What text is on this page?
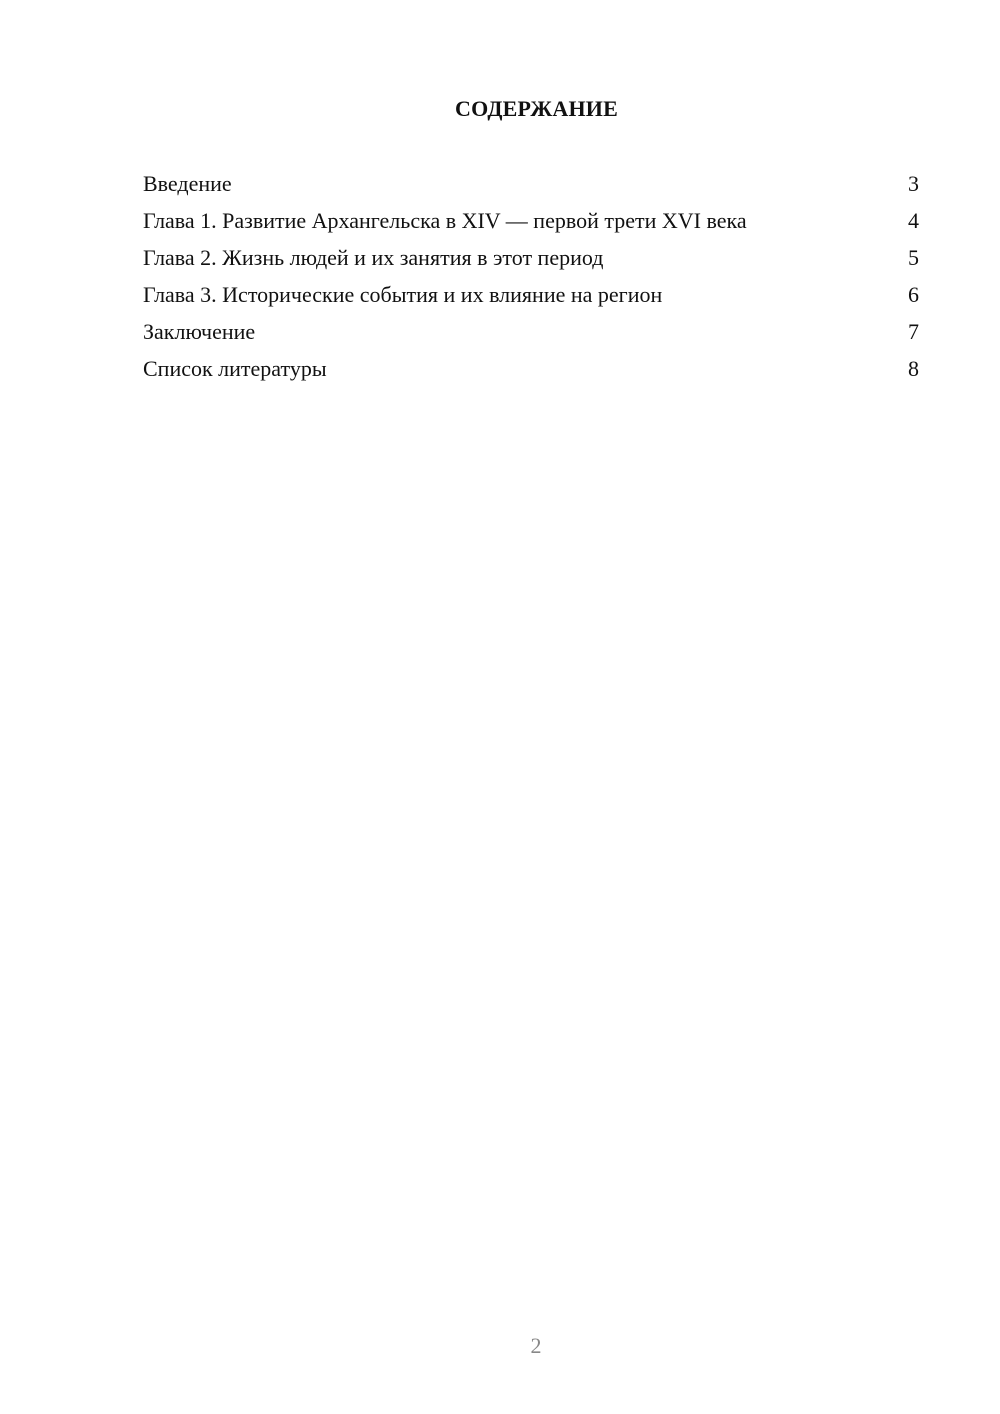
СОДЕРЖАНИЕ
Введение	3
Глава 1. Развитие Архангельска в XIV — первой трети XVI века	4
Глава 2. Жизнь людей и их занятия в этот период	5
Глава 3. Исторические события и их влияние на регион	6
Заключение	7
Список литературы	8
2
